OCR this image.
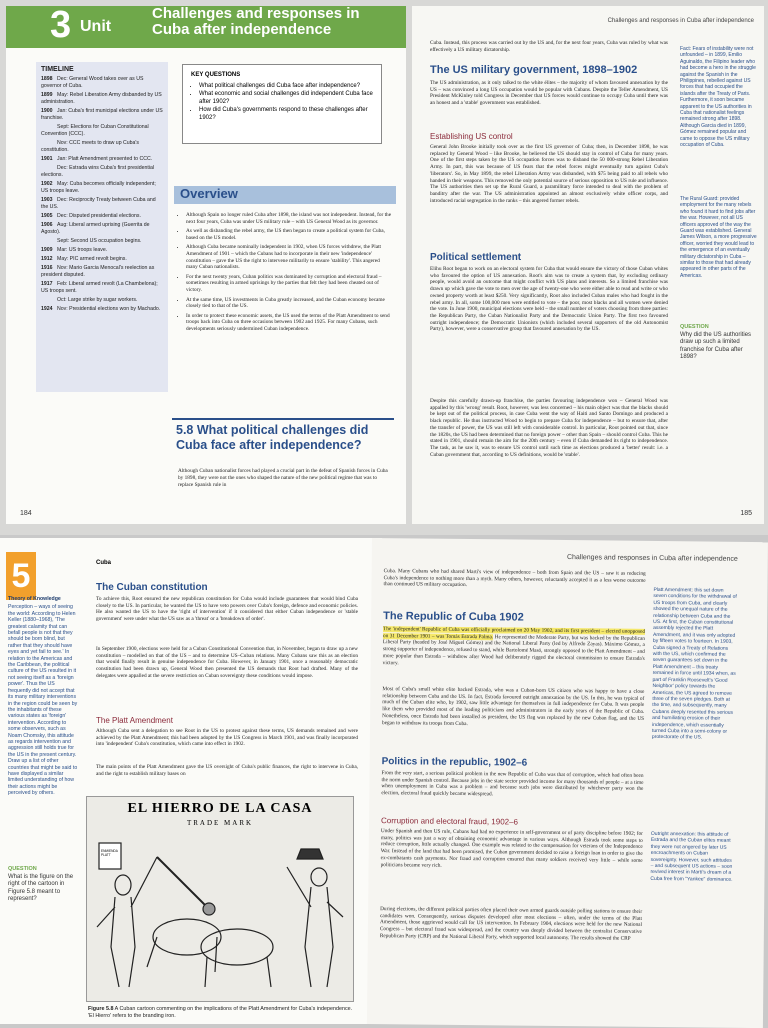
3 Unit
Challenges and responses in Cuba after independence
TIMELINE
1898 Dec: General Wood takes over as US governor of Cuba.
1899 May: Rebel Liberation Army disbanded by US administration.
1900 Jan: Cuba's first municipal elections under US franchise.
Sept: Elections for Cuban Constitutional Convention (CCC).
Nov: CCC meets to draw up Cuba's constitution.
1901 Jan: Platt Amendment presented to CCC.
Dec: Estrada wins Cuba's first presidential elections.
1902 May: Cuba becomes officially independent; US troops leave.
1903 Dec: Reciprocity Treaty between Cuba and the US.
1905 Dec: Disputed presidential elections.
1906 Aug: Liberal armed uprising (Guerrita de Agosto).
Sept: Second US occupation begins.
1909 Mar: US troops leave.
1912 May: PIC armed revolt begins.
1916 Nov: Mario Garcia Menocal's reelection as president disputed.
1917 Feb: Liberal armed revolt (La Chambelona); US troops sent.
Oct: Large strike by sugar workers.
1924 Nov: Presidential elections won by Machado.
KEY QUESTIONS
• What political challenges did Cuba face after independence?
• What economic and social challenges did independent Cuba face after 1902?
• How did Cuba's governments respond to these challenges after 1902?
Overview
• Although Spain no longer ruled Cuba after 1898, the island was not independent. Instead, for the next four years, Cuba was under US military rule – with US General Wood as its governor.
• As well as disbanding the rebel army, the US then began to create a political system for Cuba, based on the US model.
• Although Cuba became nominally independent in 1902, when US forces withdrew, the Platt Amendment of 1901 – which the Cubans had to incorporate in their new 'independence' constitution – gave the US the right to intervene militarily to ensure 'stability'. This angered many Cuban nationalists.
• For the next twenty years, Cuban politics was dominated by corruption and electoral fraud – sometimes resulting in armed uprisings by the parties that felt they had been cheated out of victory.
• At the same time, US investments in Cuba greatly increased, and the Cuban economy became closely tied to that of the US.
• In order to protect these economic assets, the US used the terms of the Platt Amendment to send troops back into Cuba on three occasions between 1902 and 1925. For many Cubans, such developments seriously undermined Cuban independence.
5.8 What political challenges did Cuba face after independence?

Although Cuban nationalist forces had played a crucial part in the defeat of Spanish forces in Cuba by 1898, they were not the ones who shaped the nature of the new political regime that was to replace Spanish rule in

184
Challenges and responses in Cuba after independence

Cuba. Instead, this process was carried out by the US and, for the next four years, Cuba was ruled by what was effectively a US military dictatorship.

The US military government, 1898–1902

The US administration, as it only talked to the white élites – the majority of whom favoured annexation by the US – was convinced a long US occupation would be popular with Cubans. Despite the Teller Amendment, US President McKinley told Congress in December that US forces would continue to occupy Cuba until there was an honest and a 'stable' government was established.

Establishing US control

General John Brooke initially took over as the first US governor of Cuba; then, in December 1898, he was replaced by General Wood – like Brooke, he believed the US should stay in control of Cuba for many years. One of the first steps taken by the US occupation forces was to disband the 50 000-strong Rebel Liberation Army. In part, this was because of US fears that the rebel forces might eventually turn against Cuba's 'liberators'. So, in May 1899, the rebel Liberation Army was disbanded, with $75 being paid to all rebels who handed in their weapons. This removed the only potential source of serious opposition to US rule and influence. The US authorities then set up the Rural Guard, a paramilitary force intended to deal with the problem of banditry after the war. The US administration appointed an almost exclusively white officer corps, and introduced racial segregation in the ranks – this angered former rebels.

Political settlement

Elihu Root began to work on an electoral system for Cuba that would ensure the victory of those Cuban whites who favoured the option of US annexation. Root's aim was to create a system that, by excluding ordinary people, would avoid an outcome that might conflict with US plans and interests. So a limited franchise was drawn up which gave the vote to men over the age of twenty-one who were either able to read and write or who owned property worth at least $250. Very significantly, Root also included Cuban males who had fought in the rebel army. In all, some 100,000 men were entitled to vote – the poor, most blacks and all women were denied the vote. In June 1900, municipal elections were held – the small number of voters choosing from three parties: the Republican Party, the Cuban Nationalist Party and the Democratic Union Party. The first two favoured outright independence; the Democratic Unionists (which included several supporters of the old Autonomist Party), however, were a conservative group that favoured annexation by the US.

Despite this carefully drawn-up franchise, the parties favouring independence won – General Wood was appalled by this 'wrong' result. Root, however, was less concerned – his main object was that the blacks should be kept out of the political process, in case Cuba went the way of Haiti and Santo Domingo and produced a black republic. He thus instructed Wood to begin to prepare Cuba for independence – but to ensure that, after the transfer of power, the US was still left with considerable control. In particular, Root pointed out that, since the 1820s, the US had been determined that no foreign power – other than Spain – should control Cuba. This he stated in 1901, should remain the aim for the 20th century – even if Cuba demanded its right to independence. The task, as he saw it, was to ensure US control until such time as elections produced a 'better' result: i.e. a Cuban government that, according to US definitions, would be 'stable'.

Fact: Fears of instability were not unfounded – in 1899, Emilio Aguinaldo, the Filipino leader who had become a hero in the struggle against the Spanish in the Philippines, rebelled against US forces that had occupied the islands after the Treaty of Paris. Furthermore, it soon became apparent to the US authorities in Cuba that nationalist feelings remained strong after 1898. Although Garcia died in 1899, Gómez remained popular and came to oppose the US military occupation of Cuba.
The Rural Guard: provided employment for the many rebels who found it hard to find jobs after the war. However, not all US officers approved of the way the Guard was established. General James Wilson, a more progressive officer, worried they would lead to the emergence of an eventually military dictatorship in Cuba – similar to those that had already appeared in other parts of the Americas.
QUESTION
Why did the US authorities draw up such a limited franchise for Cuba after 1898?
185
5	Cuba
Theory of Knowledge
Perception – ways of seeing the world: According to Helen Keller (1880–1968), 'The greatest calamity that can befall people is not that they should be born blind, but rather that they should have eyes and yet fail to see.' In relation to the Americas and the Caribbean, the political culture of the US resulted in it not seeing itself as a 'foreign power'. Thus the US frequently did not accept that its many military interventions in the region could be seen by the inhabitants of these various states as 'foreign' intervention. According to some observers, such as Noam Chomsky, this attitude as regards intervention and aggression still holds true for the US in the present century. Draw up a list of other countries that might be said to have displayed a similar limited understanding of how their actions might be perceived by others.
QUESTION
What is the figure on the right of the cartoon in Figure 5.8 meant to represent?
The Cuban constitution

To achieve this, Root ensured the new republican constitution for Cuba would include guarantees that would bind Cuba closely to the US. In particular, he wanted the US to have veto powers over Cuba's foreign, defence and economic policies. He also wanted the US to have the 'right of intervention' if it considered that either Cuban independence or 'stable government' were under what the US saw as a 'threat' or a 'breakdown of order'.

In September 1900, elections were held for a Cuban Constitutional Convention that, in November, began to draw up a new constitution – modelled on that of the US – and to determine US–Cuban relations. Many Cubans saw this as an election that would finally result in genuine independence for Cuba. However, in January 1901, once a reasonably democratic constitution had been drawn up, General Wood then presented the US demands that Root had drafted. Many of the delegates were appalled at the severe restriction on Cuban sovereignty these conditions would impose.

The Platt Amendment

Although Cuba sent a delegation to see Root in the US to protest against these terms, US demands remained and were achieved by the Platt Amendment; this had been adopted by the US Congress in March 1901, and was finally incorporated into 'independent' Cuba's constitution, which came into effect in 1902.

The main points of the Platt Amendment gave the US oversight of Cuba's public finances, the right to intervene in Cuba, and the right to establish military bases on

EL HIERRO DE LA CASA
TRADE MARK
ENMIENDA PLATT

Figure 5.8 A Cuban cartoon commenting on the implications of the Platt Amendment for Cuba's independence. 'El Hierro' refers to the branding iron.

Challenges and responses in Cuba after independence

Cuba. Many Cubans who had shared Martí's view of independence – both from Spain and the US – saw it as reducing Cuba's independence to nothing more than a myth. Many others, however, reluctantly accepted it as a less worse outcome than continued US military occupation.

The Republic of Cuba 1902

The 'independent' Republic of Cuba was officially proclaimed on 20 May 1902, and its first president – elected unopposed on 31 December 1901 – was Tomás Estrada Palma. He represented the Moderate Party, but was backed by the Republican Liberal Party (headed by José Miguel Gómez) and the National Liberal Party (led by Alfredo Zayas). Máximo Gómez, a strong supporter of independence, refused to stand, while Bartolomé Masó, strongly opposed to the Platt Amendment – and more popular than Estrada – withdrew after Wood had deliberately rigged the electoral commission to ensure Estrada's victory.

Most of Cuba's small white elite backed Estrada, who was a Cuban-born US citizen who was happy to have a close relationship between Cuba and the US. In fact, Estrada favoured outright annexation by the US. In this, he was typical of much of the Cuban elite who, by 1902, saw little advantage for themselves in full independence for Cuba. It was people like them who provided most of the leading politicians and administrators in the early years of the Republic of Cuba. Nonetheless, once Estrada had been installed as president, the US flag was replaced by the new Cuban flag, and the US began to withdraw its troops from Cuba.

Politics in the republic, 1902–6

From the very start, a serious political problem in the new Republic of Cuba was that of corruption, which had often been the norm under Spanish control. Because jobs in the state sector provided income for many thousands of people – at a time when unemployment in Cuba was a problem – and because such jobs were distributed by whichever party won the election, electoral fraud quickly became widespread.

Corruption and electoral fraud, 1902–6

Under Spanish and then US rule, Cubans had had no experience in self-government or of party discipline before 1902; for many, politics was just a way of obtaining economic advantage in various ways. Although Estrada took some steps to reduce corruption, little actually changed. One example was related to the compensation for veterans of the Independence War. Instead of the land that had been promised, the Cuban government decided to raise a foreign loan in order to give the ex-combatants cash payments. Nor fraud and corruption ensured that many soldiers received very little – while some politicians became very rich.

During elections, the different political parties often placed their own armed guards outside polling stations to ensure their candidates won. Consequently, serious disputes developed after most elections – often, under the terms of the Platt Amendment, those aggrieved would call for US intervention. In February 1904, elections were held for the new National Congress – but electoral fraud was widespread, and the country was deeply divided between the centralist Conservative Republican Party (CRP) and the National Liberal Party, which supported local autonomy. The results showed the CRP

Platt Amendment: this set down seven conditions for the withdrawal of US troops from Cuba, and clearly showed the unequal nature of the relationship between Cuba and the US. At first, the Cuban constitutional assembly rejected the Platt Amendment, and it was only adopted by fifteen votes to fourteen. In 1903, Cuba signed a Treaty of Relations with the US, which confirmed the seven guarantees set down in the Platt Amendment – this treaty remained in force until 1934 when, as part of Franklin Roosevelt's 'Good Neighbor' policy towards the Americas, the US agreed to remove three of the seven pledges. Both at the time, and subsequently, many Cubans deeply resented this serious and humiliating erosion of their independence, which essentially turned Cuba into a semi-colony or protectorate of the US.
Outright annexation: this attitude of Estrada and the Cuban elites meant they were not angered by later US encroachments on Cuban sovereignty. However, such attitudes – and subsequent US actions – soon revived interest in Martí's dream of a Cuba free from "Yankee" dominance.
